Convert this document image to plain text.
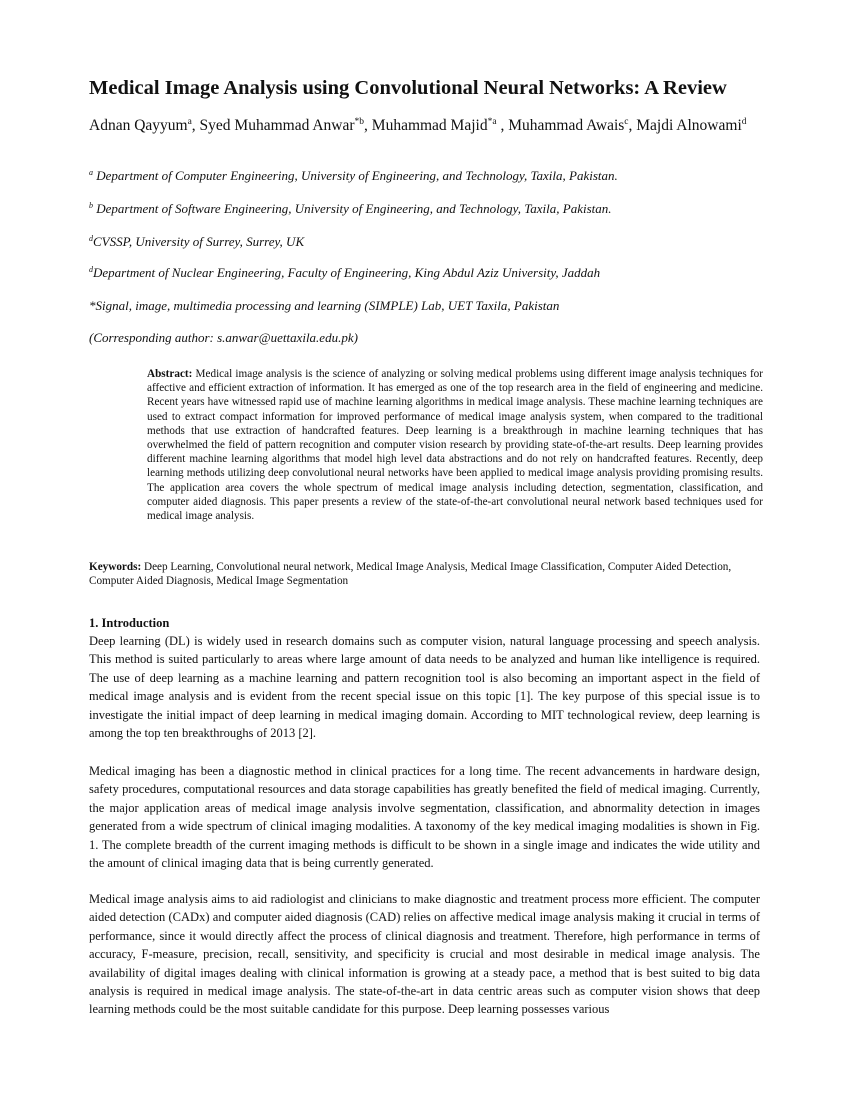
Medical Image Analysis using Convolutional Neural Networks: A Review
Adnan Qayyum$^a$, Syed Muhammad Anwar$^{*b}$, Muhammad Majid$^{*a}$ , Muhammad Awais$^c$, Majdi Alnowami$^d$
$^a$ Department of Computer Engineering, University of Engineering, and Technology, Taxila, Pakistan.
$^b$ Department of Software Engineering, University of Engineering, and Technology, Taxila, Pakistan.
$^d$CVSSP, University of Surrey, Surrey, UK
$^d$Department of Nuclear Engineering, Faculty of Engineering, King Abdul Aziz University, Jaddah
*Signal, image, multimedia processing and learning (SIMPLE) Lab, UET Taxila, Pakistan
(Corresponding author: s.anwar@uettaxila.edu.pk)
Abstract: Medical image analysis is the science of analyzing or solving medical problems using different image analysis techniques for affective and efficient extraction of information. It has emerged as one of the top research area in the field of engineering and medicine. Recent years have witnessed rapid use of machine learning algorithms in medical image analysis. These machine learning techniques are used to extract compact information for improved performance of medical image analysis system, when compared to the traditional methods that use extraction of handcrafted features. Deep learning is a breakthrough in machine learning techniques that has overwhelmed the field of pattern recognition and computer vision research by providing state-of-the-art results. Deep learning provides different machine learning algorithms that model high level data abstractions and do not rely on handcrafted features. Recently, deep learning methods utilizing deep convolutional neural networks have been applied to medical image analysis providing promising results. The application area covers the whole spectrum of medical image analysis including detection, segmentation, classification, and computer aided diagnosis. This paper presents a review of the state-of-the-art convolutional neural network based techniques used for medical image analysis.
Keywords: Deep Learning, Convolutional neural network, Medical Image Analysis, Medical Image Classification, Computer Aided Detection, Computer Aided Diagnosis, Medical Image Segmentation
1. Introduction
Deep learning (DL) is widely used in research domains such as computer vision, natural language processing and speech analysis. This method is suited particularly to areas where large amount of data needs to be analyzed and human like intelligence is required. The use of deep learning as a machine learning and pattern recognition tool is also becoming an important aspect in the field of medical image analysis and is evident from the recent special issue on this topic [1]. The key purpose of this special issue is to investigate the initial impact of deep learning in medical imaging domain. According to MIT technological review, deep learning is among the top ten breakthroughs of 2013 [2].
Medical imaging has been a diagnostic method in clinical practices for a long time. The recent advancements in hardware design, safety procedures, computational resources and data storage capabilities has greatly benefited the field of medical imaging. Currently, the major application areas of medical image analysis involve segmentation, classification, and abnormality detection in images generated from a wide spectrum of clinical imaging modalities. A taxonomy of the key medical imaging modalities is shown in Fig. 1. The complete breadth of the current imaging methods is difficult to be shown in a single image and indicates the wide utility and the amount of clinical imaging data that is being currently generated.
Medical image analysis aims to aid radiologist and clinicians to make diagnostic and treatment process more efficient. The computer aided detection (CADx) and computer aided diagnosis (CAD) relies on affective medical image analysis making it crucial in terms of performance, since it would directly affect the process of clinical diagnosis and treatment. Therefore, high performance in terms of accuracy, F-measure, precision, recall, sensitivity, and specificity is crucial and most desirable in medical image analysis. The availability of digital images dealing with clinical information is growing at a steady pace, a method that is best suited to big data analysis is required in medical image analysis. The state-of-the-art in data centric areas such as computer vision shows that deep learning methods could be the most suitable candidate for this purpose. Deep learning possesses various
